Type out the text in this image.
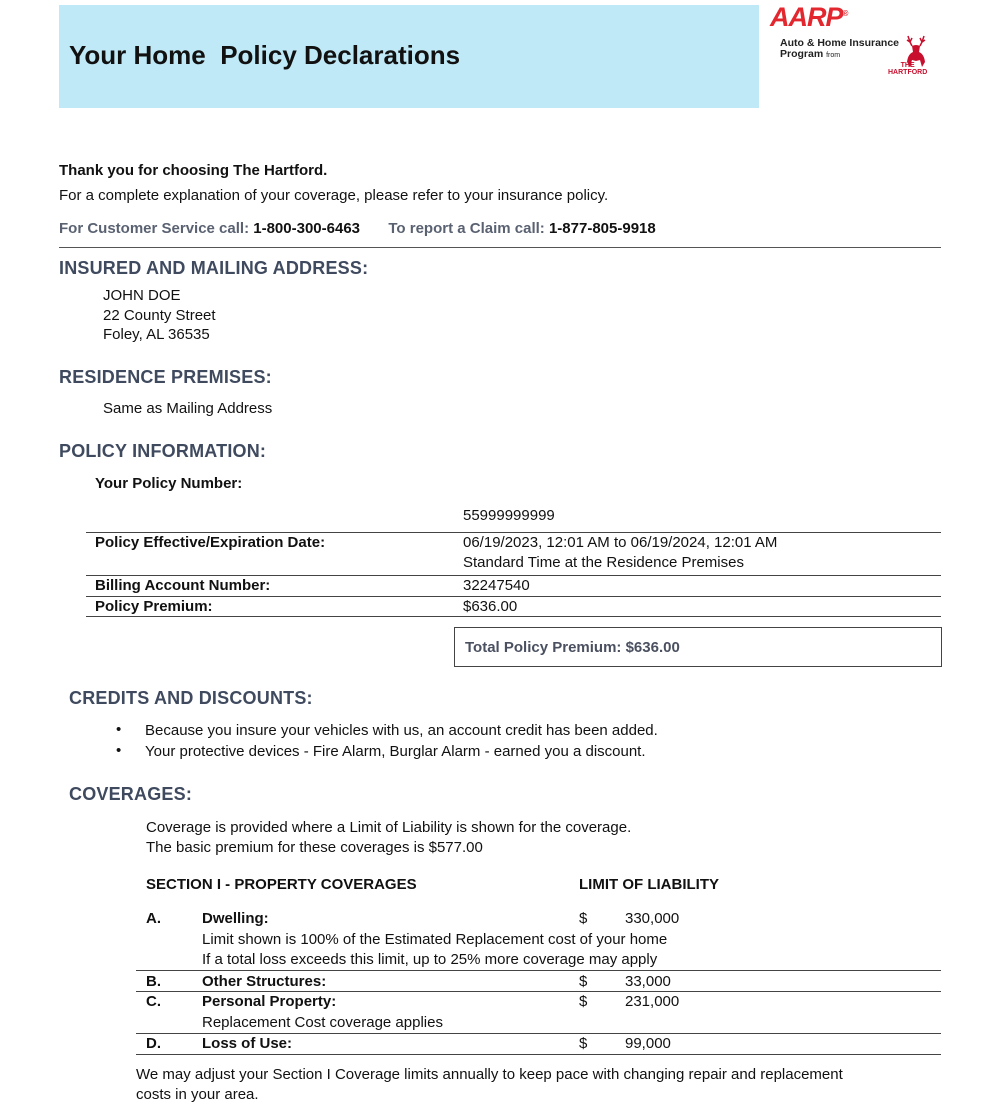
Your Home  Policy Declarations
AARP®
Auto & Home Insurance
Program from
THE
HARTFORD
Thank you for choosing The Hartford.
For a complete explanation of your coverage, please refer to your insurance policy.
For Customer Service call: 1-800-300-6463 To report a Claim call: 1-877-805-9918
INSURED AND MAILING ADDRESS:
JOHN DOE
22 County Street
Foley, AL 36535
RESIDENCE PREMISES:
Same as Mailing Address
POLICY INFORMATION:
Your Policy Number:
55999999999
Policy Effective/Expiration Date:	06/19/2023, 12:01 AM to 06/19/2024, 12:01 AM
Standard Time at the Residence Premises
Billing Account Number:	32247540
Policy Premium:	$636.00
Total Policy Premium: $636.00
CREDITS AND DISCOUNTS:
• Because you insure your vehicles with us, an account credit has been added.
• Your protective devices - Fire Alarm, Burglar Alarm - earned you a discount.
COVERAGES:
Coverage is provided where a Limit of Liability is shown for the coverage.
The basic premium for these coverages is $577.00
SECTION I - PROPERTY COVERAGES	LIMIT OF LIABILITY
A.	Dwelling:	$	330,000
Limit shown is 100% of the Estimated Replacement cost of your home
If a total loss exceeds this limit, up to 25% more coverage may apply
B.	Other Structures:	$	33,000
C.	Personal Property:	$	231,000
Replacement Cost coverage applies
D.	Loss of Use:	$	99,000
We may adjust your Section I Coverage limits annually to keep pace with changing repair and replacement
costs in your area.
